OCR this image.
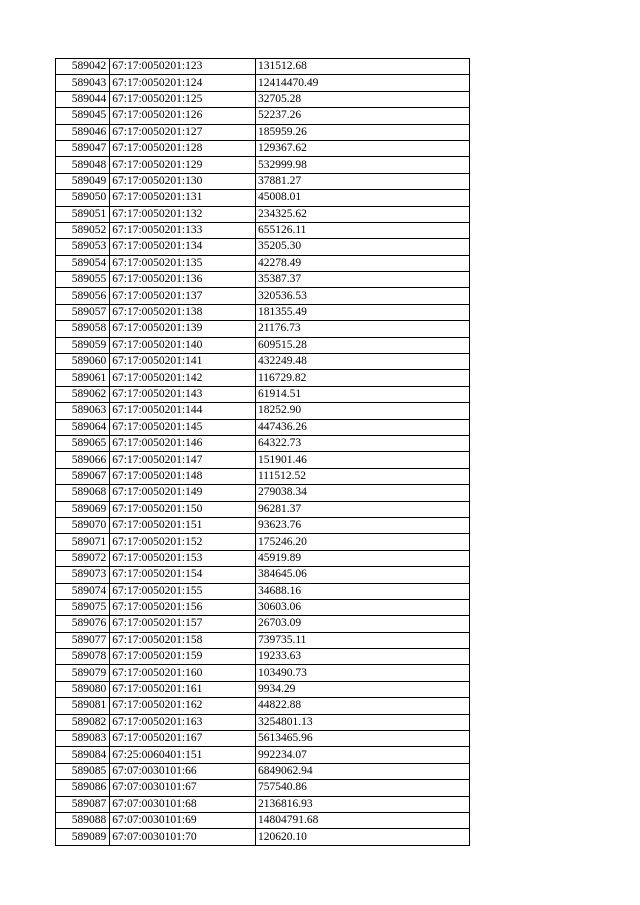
589042	67:17:0050201:123	131512.68
589043	67:17:0050201:124	12414470.49
589044	67:17:0050201:125	32705.28
589045	67:17:0050201:126	52237.26
589046	67:17:0050201:127	185959.26
589047	67:17:0050201:128	129367.62
589048	67:17:0050201:129	532999.98
589049	67:17:0050201:130	37881.27
589050	67:17:0050201:131	45008.01
589051	67:17:0050201:132	234325.62
589052	67:17:0050201:133	655126.11
589053	67:17:0050201:134	35205.30
589054	67:17:0050201:135	42278.49
589055	67:17:0050201:136	35387.37
589056	67:17:0050201:137	320536.53
589057	67:17:0050201:138	181355.49
589058	67:17:0050201:139	21176.73
589059	67:17:0050201:140	609515.28
589060	67:17:0050201:141	432249.48
589061	67:17:0050201:142	116729.82
589062	67:17:0050201:143	61914.51
589063	67:17:0050201:144	18252.90
589064	67:17:0050201:145	447436.26
589065	67:17:0050201:146	64322.73
589066	67:17:0050201:147	151901.46
589067	67:17:0050201:148	111512.52
589068	67:17:0050201:149	279038.34
589069	67:17:0050201:150	96281.37
589070	67:17:0050201:151	93623.76
589071	67:17:0050201:152	175246.20
589072	67:17:0050201:153	45919.89
589073	67:17:0050201:154	384645.06
589074	67:17:0050201:155	34688.16
589075	67:17:0050201:156	30603.06
589076	67:17:0050201:157	26703.09
589077	67:17:0050201:158	739735.11
589078	67:17:0050201:159	19233.63
589079	67:17:0050201:160	103490.73
589080	67:17:0050201:161	9934.29
589081	67:17:0050201:162	44822.88
589082	67:17:0050201:163	3254801.13
589083	67:17:0050201:167	5613465.96
589084	67:25:0060401:151	992234.07
589085	67:07:0030101:66	6849062.94
589086	67:07:0030101:67	757540.86
589087	67:07:0030101:68	2136816.93
589088	67:07:0030101:69	14804791.68
589089	67:07:0030101:70	120620.10
